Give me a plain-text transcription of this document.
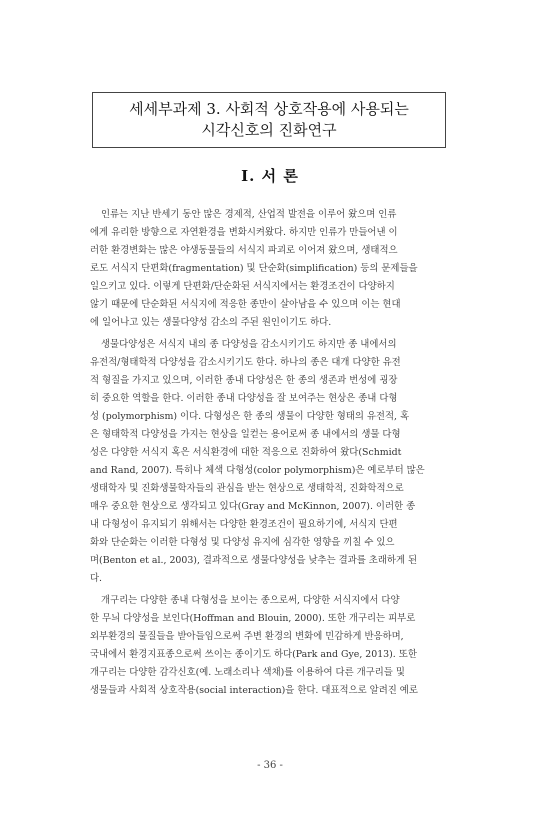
세세부과제 3. 사회적 상호작용에 사용되는
시각신호의 진화연구
I. 서 론

인류는 지난 반세기 동안 많은 경제적, 산업적 발전을 이루어 왔으며 인류

에게 유리한 방향으로 자연환경을 변화시켜왔다. 하지만 인류가 만들어낸 이

러한 환경변화는 많은 야생동물들의 서식지 파괴로 이어져 왔으며, 생태적으

로도 서식지 단편화(fragmentation) 및 단순화(simplification) 등의 문제들을

일으키고 있다. 이렇게 단편화/단순화된 서식지에서는 환경조건이 다양하지

않기 때문에 단순화된 서식지에 적응한 종만이 살아남을 수 있으며 이는 현대

에 일어나고 있는 생물다양성 감소의 주된 원인이기도 하다.

생물다양성은 서식지 내의 종 다양성을 감소시키기도 하지만 종 내에서의

유전적/형태학적 다양성을 감소시키기도 한다. 하나의 종은 대개 다양한 유전

적 형질을 가지고 있으며, 이러한 종내 다양성은 한 종의 생존과 번성에 굉장

히 중요한 역할을 한다. 이러한 종내 다양성을 잘 보여주는 현상은 종내 다형

성 (polymorphism) 이다. 다형성은 한 종의 생물이 다양한 형태의 유전적, 혹

은 형태학적 다양성을 가지는 현상을 일컫는 용어로써 종 내에서의 생물 다형

성은 다양한 서식지 혹은 서식환경에 대한 적응으로 진화하여 왔다(Schmidt

and Rand, 2007). 특히나 체색 다형성(color polymorphism)은 예로부터 많은

생태학자 및 진화생물학자들의 관심을 받는 현상으로 생태학적, 진화학적으로

매우 중요한 현상으로 생각되고 있다(Gray and McKinnon, 2007). 이러한 종

내 다형성이 유지되기 위해서는 다양한 환경조건이 필요하기에, 서식지 단편

화와 단순화는 이러한 다형성 및 다양성 유지에 심각한 영향을 끼칠 수 있으

며(Benton et al., 2003), 결과적으로 생물다양성을 낮추는 결과를 초래하게 된

다.

개구리는 다양한 종내 다형성을 보이는 종으로써, 다양한 서식지에서 다양

한 무늬 다양성을 보인다(Hoffman and Blouin, 2000). 또한 개구리는 피부로

외부환경의 물질들을 받아들임으로써 주변 환경의 변화에 민감하게 반응하며,

국내에서 환경지표종으로써 쓰이는 종이기도 하다(Park and Gye, 2013). 또한

개구리는 다양한 감각신호(예. 노래소리나 색채)를 이용하여 다른 개구리들 및

생물들과 사회적 상호작용(social interaction)을 한다. 대표적으로 알려진 예로

- 36 -
